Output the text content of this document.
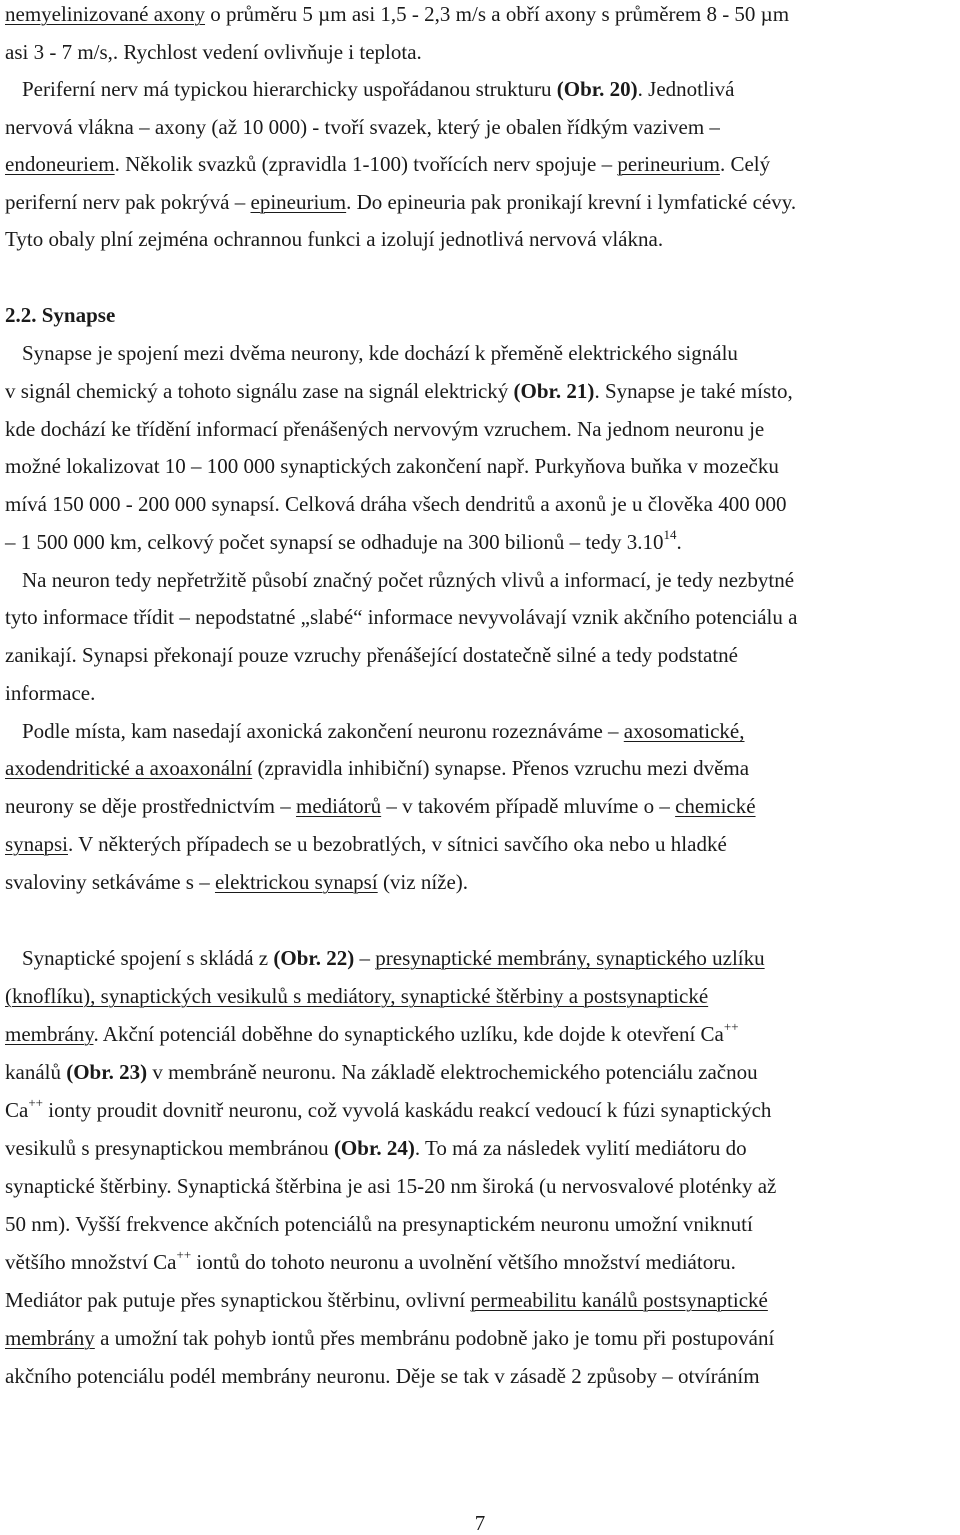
nemyelinizované axony o průměru 5 µm asi 1,5 - 2,3 m/s a obří axony s průměrem 8 - 50 µm
asi 3 - 7 m/s,. Rychlost vedení ovlivňuje i teplota.
Periferní nerv má typickou hierarchicky uspořádanou strukturu (Obr. 20). Jednotlivá
nervová vlákna – axony (až 10 000) - tvoří svazek, který je obalen řídkým vazivem –
endoneuriem. Několik svazků (zpravidla 1-100) tvořících nerv spojuje – perineurium. Celý
periferní nerv pak pokrývá – epineurium. Do epineuria pak pronikají krevní i lymfatické cévy.
Tyto obaly plní zejména ochrannou funkci a izolují jednotlivá nervová vlákna.
2.2. Synapse
Synapse je spojení mezi dvěma neurony, kde dochází k přeměně elektrického signálu
v signál chemický a tohoto signálu zase na signál elektrický (Obr. 21). Synapse je také místo,
kde dochází ke třídění informací přenášených nervovým vzruchem. Na jednom neuronu je
možné lokalizovat 10 – 100 000 synaptických zakončení např. Purkyňova buňka v mozečku
mívá 150 000 - 200 000 synapsí. Celková dráha všech dendritů a axonů je u člověka 400 000
– 1 500 000 km, celkový počet synapsí se odhaduje na 300 bilionů – tedy 3.10$^{14}$.
Na neuron tedy nepřetržitě působí značný počet různých vlivů a informací, je tedy nezbytné
tyto informace třídit – nepodstatné „slabé“ informace nevyvolávají vznik akčního potenciálu a
zanikají. Synapsi překonají pouze vzruchy přenášející dostatečně silné a tedy podstatné
informace.
Podle místa, kam nasedají axonická zakončení neuronu rozeznáváme – axosomatické,
axodendritické a axoaxonální (zpravidla inhibiční) synapse. Přenos vzruchu mezi dvěma
neurony se děje prostřednictvím – mediátorů – v takovém případě mluvíme o – chemické
synapsi. V některých případech se u bezobratlých, v sítnici savčího oka nebo u hladké
svaloviny setkáváme s – elektrickou synapsí (viz níže).
Synaptické spojení s skládá z (Obr. 22) – presynaptické membrány, synaptického uzlíku
(knoflíku), synaptických vesikulů s mediátory, synaptické štěrbiny a postsynaptické
membrány. Akční potenciál doběhne do synaptického uzlíku, kde dojde k otevření Ca++
kanálů (Obr. 23) v membráně neuronu. Na základě elektrochemického potenciálu začnou
Ca++ ionty proudit dovnitř neuronu, což vyvolá kaskádu reakcí vedoucí k fúzi synaptických
vesikulů s presynaptickou membránou (Obr. 24). To má za následek vylití mediátoru do
synaptické štěrbiny. Synaptická štěrbina je asi 15-20 nm široká (u nervosvalové ploténky až
50 nm). Vyšší frekvence akčních potenciálů na presynaptickém neuronu umožní vniknutí
většího množství Ca++ iontů do tohoto neuronu a uvolnění většího množství mediátoru.
Mediátor pak putuje přes synaptickou štěrbinu, ovlivní permeabilitu kanálů postsynaptické
membrány a umožní tak pohyb iontů přes membránu podobně jako je tomu při postupování
akčního potenciálu podél membrány neuronu. Děje se tak v zásadě 2 způsoby – otvíráním
7
